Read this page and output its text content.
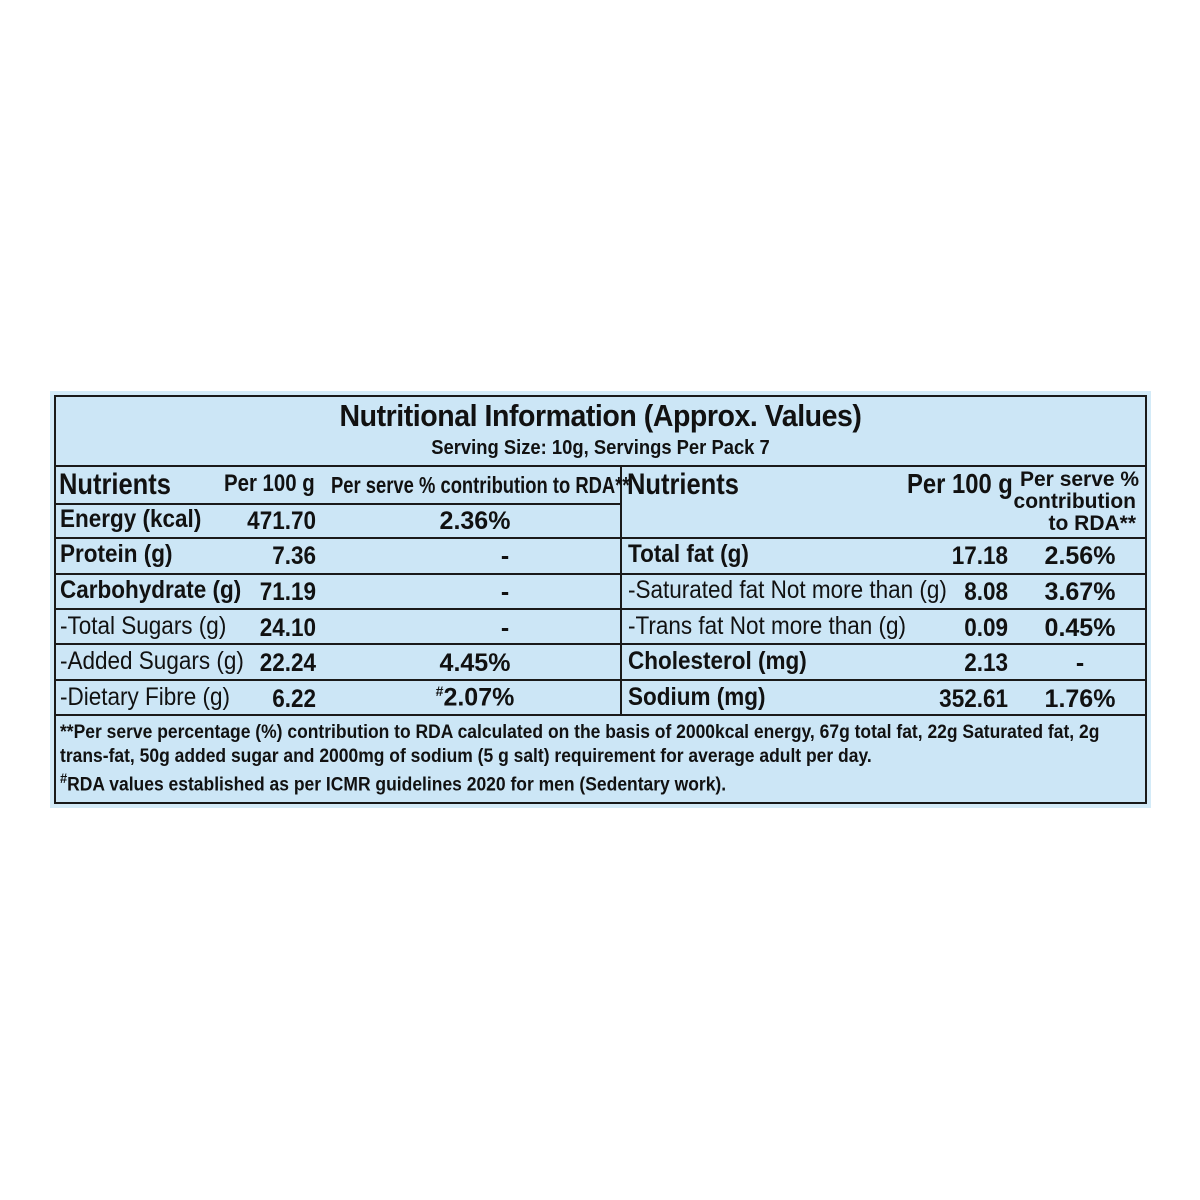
Nutritional Information (Approx. Values)
Serving Size: 10g, Servings Per Pack 7
Nutrients Per 100 g Per serve % contribution to RDA**
Energy (kcal)	471.70	2.36%
Protein (g)	7.36	-
Carbohydrate (g) 71.19	-
-Total Sugars (g)	24.10	-
-Added Sugars (g) 22.24	4.45%
-Dietary Fibre (g)	6.22	#2.07%
Nutrients	Per 100 g Per serve %
contribution
to RDA**
Total fat (g)	17.18	2.56%
-Saturated fat Not more than (g) 8.08	3.67%
-Trans fat Not more than (g)	0.09	0.45%
Cholesterol (mg)	2.13	-
Sodium (mg)	352.61	1.76%
**Per serve percentage (%) contribution to RDA calculated on the basis of 2000kcal energy, 67g total fat, 22g Saturated fat, 2g
trans-fat, 50g added sugar and 2000mg of sodium (5 g salt) requirement for average adult per day.
#RDA values established as per ICMR guidelines 2020 for men (Sedentary work).
